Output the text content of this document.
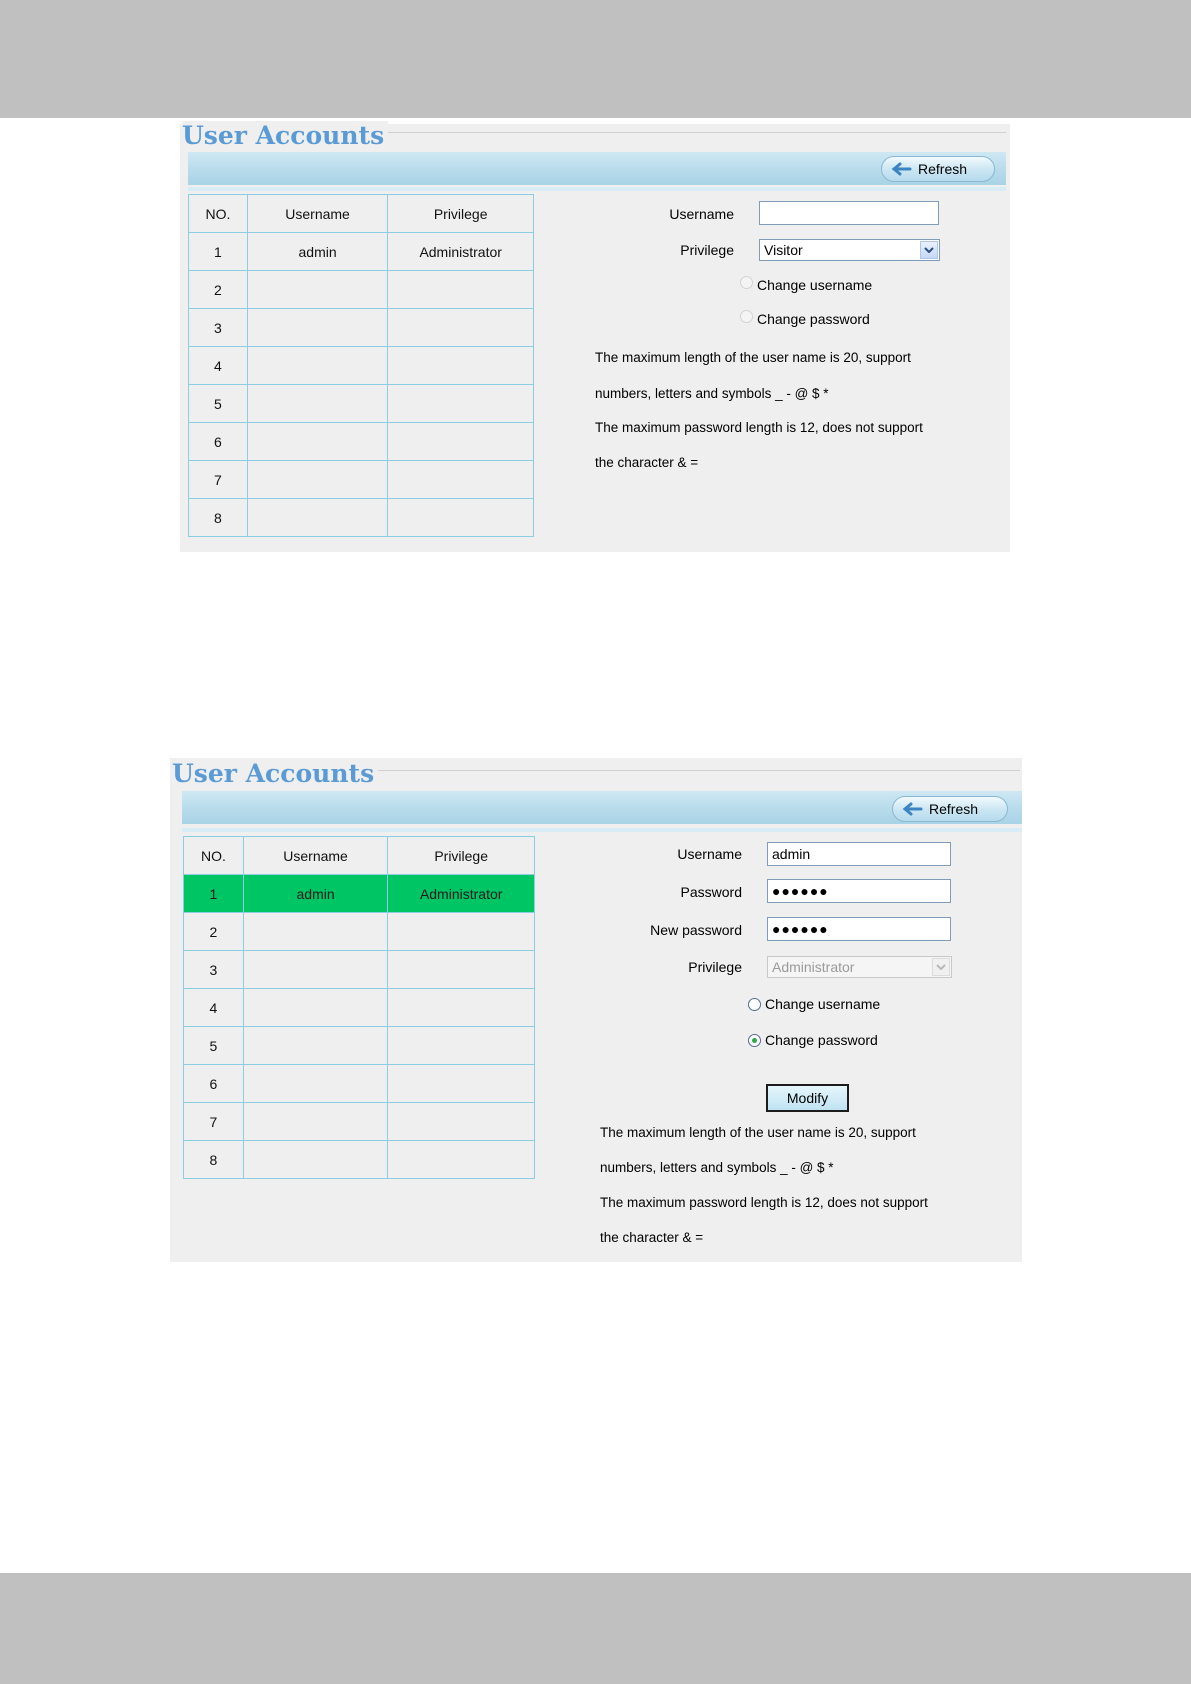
User Accounts
Refresh
NO.	Username	Privilege
1	admin	Administrator
2		
3		
4		
5		
6		
7		
8		
Username
Privilege Visitor
Change username
Change password
The maximum length of the user name is 20, support
numbers, letters and symbols _ - @ $ *
The maximum password length is 12, does not support
the character & =
User Accounts
Refresh
NO.	Username	Privilege
1	admin	Administrator
2		
3		
4		
5		
6		
7		
8		
Username	admin
Password	●●●●●●
New password	●●●●●●
Privilege Administrator
Change username
Change password
Modify
The maximum length of the user name is 20, support
numbers, letters and symbols _ - @ $ *
The maximum password length is 12, does not support
the character & =
